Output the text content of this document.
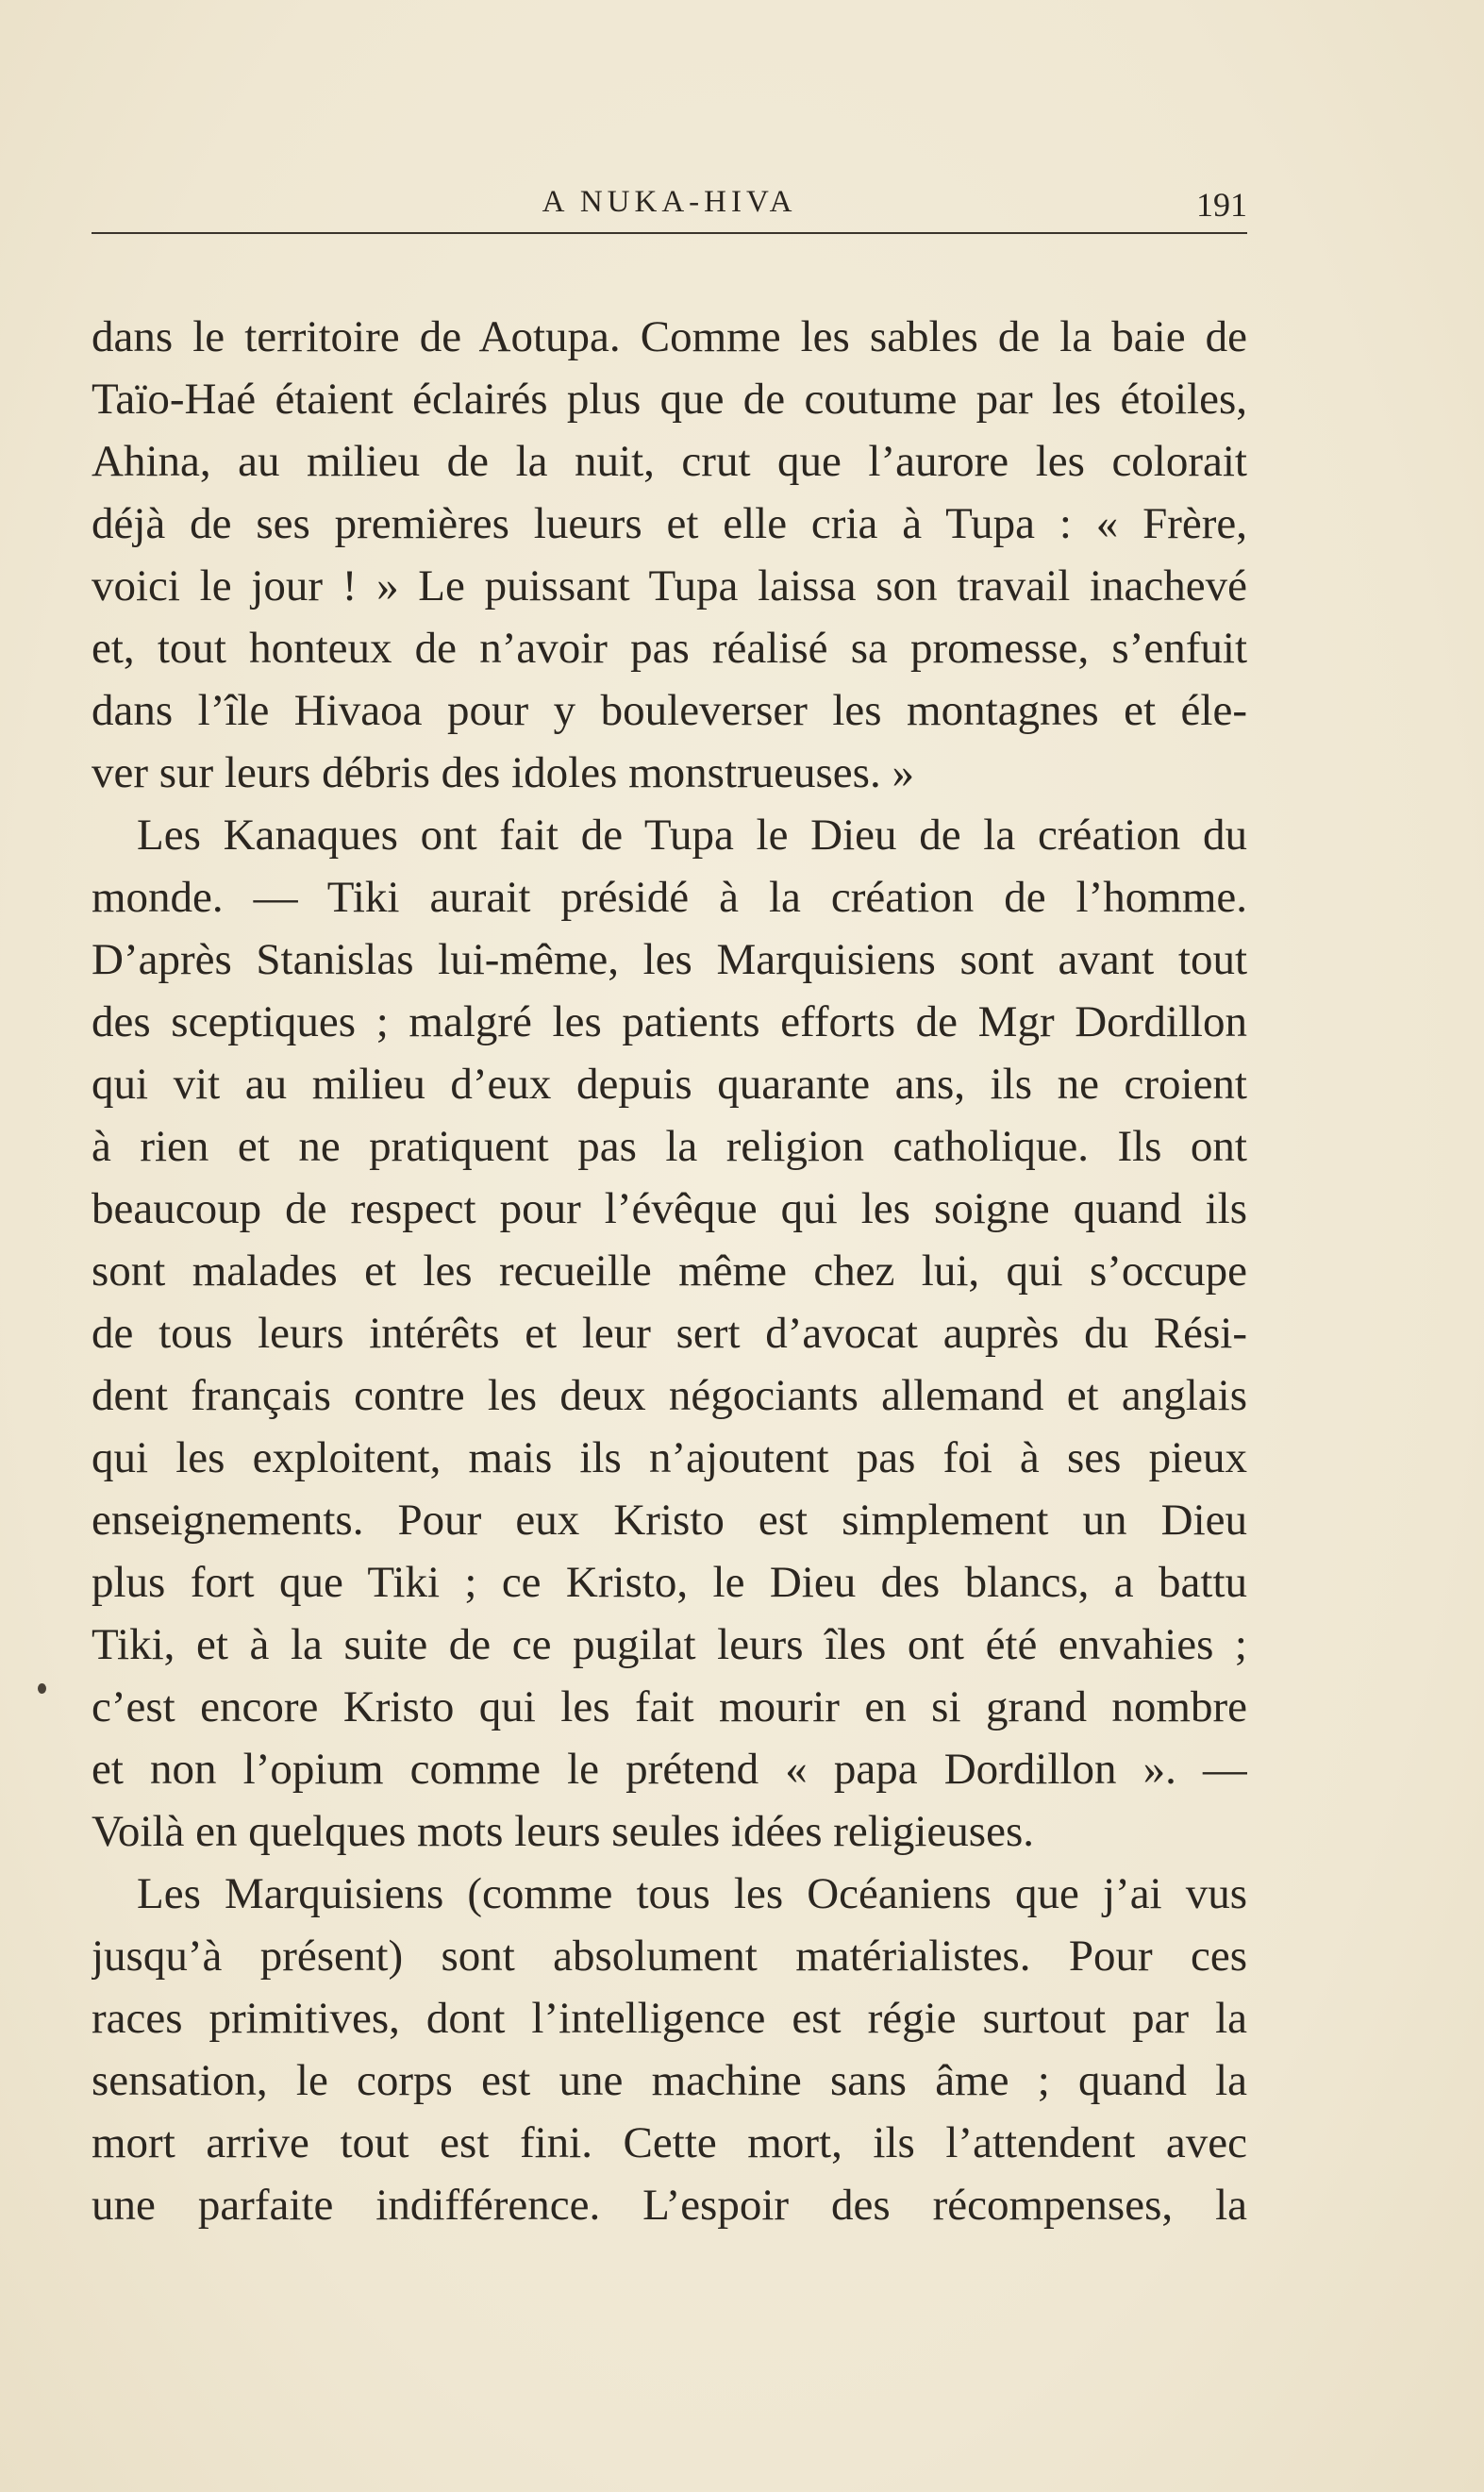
A NUKA-HIVA	191
dans le territoire de Aotupa. Comme les sables de la baie de
Taïo-Haé étaient éclairés plus que de coutume par les étoiles,
Ahina, au milieu de la nuit, crut que l’aurore les colorait
déjà de ses premières lueurs et elle cria à Tupa : « Frère,
voici le jour ! » Le puissant Tupa laissa son travail inachevé
et, tout honteux de n’avoir pas réalisé sa promesse, s’enfuit
dans l’île Hivaoa pour y bouleverser les montagnes et éle-
ver sur leurs débris des idoles monstrueuses. »
Les Kanaques ont fait de Tupa le Dieu de la création du
monde. — Tiki aurait présidé à la création de l’homme.
D’après Stanislas lui-même, les Marquisiens sont avant tout
des sceptiques ; malgré les patients efforts de Mgr Dordillon
qui vit au milieu d’eux depuis quarante ans, ils ne croient
à rien et ne pratiquent pas la religion catholique. Ils ont
beaucoup de respect pour l’évêque qui les soigne quand ils
sont malades et les recueille même chez lui, qui s’occupe
de tous leurs intérêts et leur sert d’avocat auprès du Rési-
dent français contre les deux négociants allemand et anglais
qui les exploitent, mais ils n’ajoutent pas foi à ses pieux
enseignements. Pour eux Kristo est simplement un Dieu
plus fort que Tiki ; ce Kristo, le Dieu des blancs, a battu
Tiki, et à la suite de ce pugilat leurs îles ont été envahies ;
c’est encore Kristo qui les fait mourir en si grand nombre
et non l’opium comme le prétend « papa Dordillon ». —
Voilà en quelques mots leurs seules idées religieuses.
Les Marquisiens (comme tous les Océaniens que j’ai vus
jusqu’à présent) sont absolument matérialistes. Pour ces
races primitives, dont l’intelligence est régie surtout par la
sensation, le corps est une machine sans âme ; quand la
mort arrive tout est fini. Cette mort, ils l’attendent avec
une parfaite indifférence. L’espoir des récompenses, la
